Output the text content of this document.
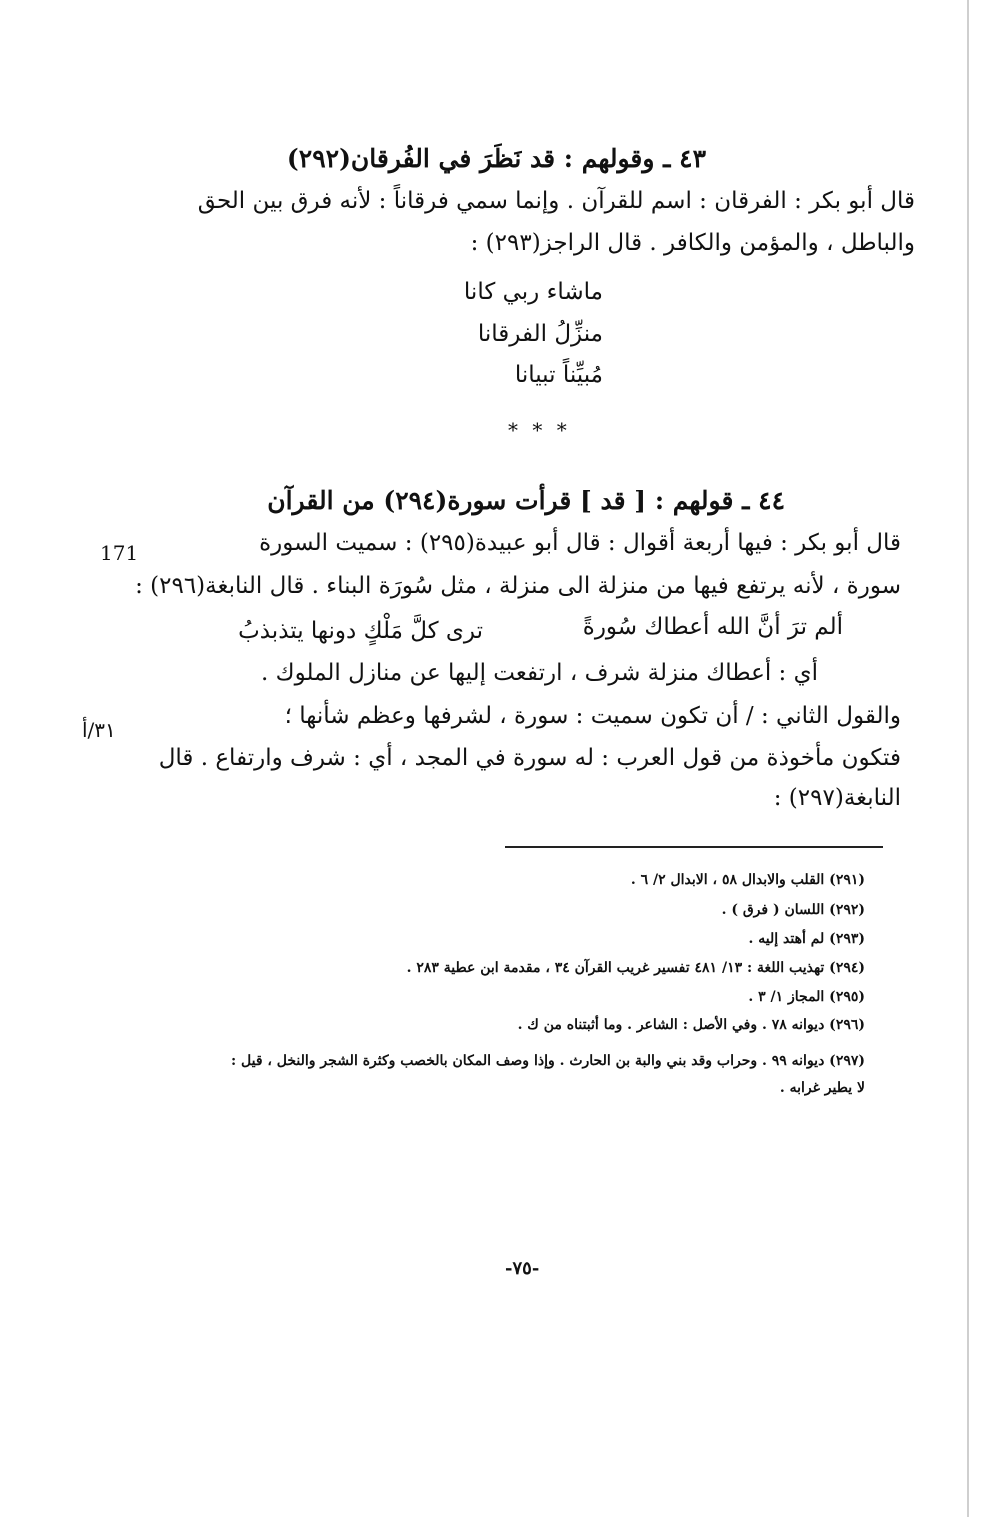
٤٣ ـ وقولهم : قد نَظَرَ في الفُرقان(٢٩٢)
قال أبو بكر : الفرقان : اسم للقرآن . وإنما سمي فرقاناً : لأنه فرق بين الحق
والباطل ، والمؤمن والكافر . قال الراجز(٢٩٣) :
ماشاء ربي كانا
منزِّلُ الفرقانا
مُبيِّناً تبيانا
* * *
٤٤ ـ قولهم : [ قد ] قرأت سورة(٢٩٤) من القرآن
171	قال أبو بكر : فيها أربعة أقوال : قال أبو عبيدة(٢٩٥) : سميت السورة
سورة ، لأنه يرتفع فيها من منزلة الى منزلة ، مثل سُورَة البناء . قال النابغة(٢٩٦) :
ألم ترَ أنَّ الله أعطاك سُورةً
ترى كلَّ مَلْكٍ دونها يتذبذبُ
أي : أعطاك منزلة شرف ، ارتفعت إليها عن منازل الملوك .
٣١/أ
والقول الثاني : / أن تكون سميت : سورة ، لشرفها وعظم شأنها ؛
فتكون مأخوذة من قول العرب : له سورة في المجد ، أي : شرف وارتفاع . قال
النابغة(٢٩٧) :
(٢٩١) القلب والابدال ٥٨ ، الابدال ٢/ ٦ .
(٢٩٢) اللسان ( فرق ) .
(٢٩٣) لم أهتد إليه .
(٢٩٤) تهذيب اللغة : ١٣/ ٤٨١ تفسير غريب القرآن ٣٤ ، مقدمة ابن عطية ٢٨٣ .
(٢٩٥) المجاز ١/ ٣ .
(٢٩٦) ديوانه ٧٨ . وفي الأصل : الشاعر . وما أثبتناه من ك .
(٢٩٧) ديوانه ٩٩ . وحراب وقد بني والبة بن الحارث . وإذا وصف المكان بالخصب وكثرة الشجر والنخل ، قيل :
لا يطير غرابه .
-٧٥-
